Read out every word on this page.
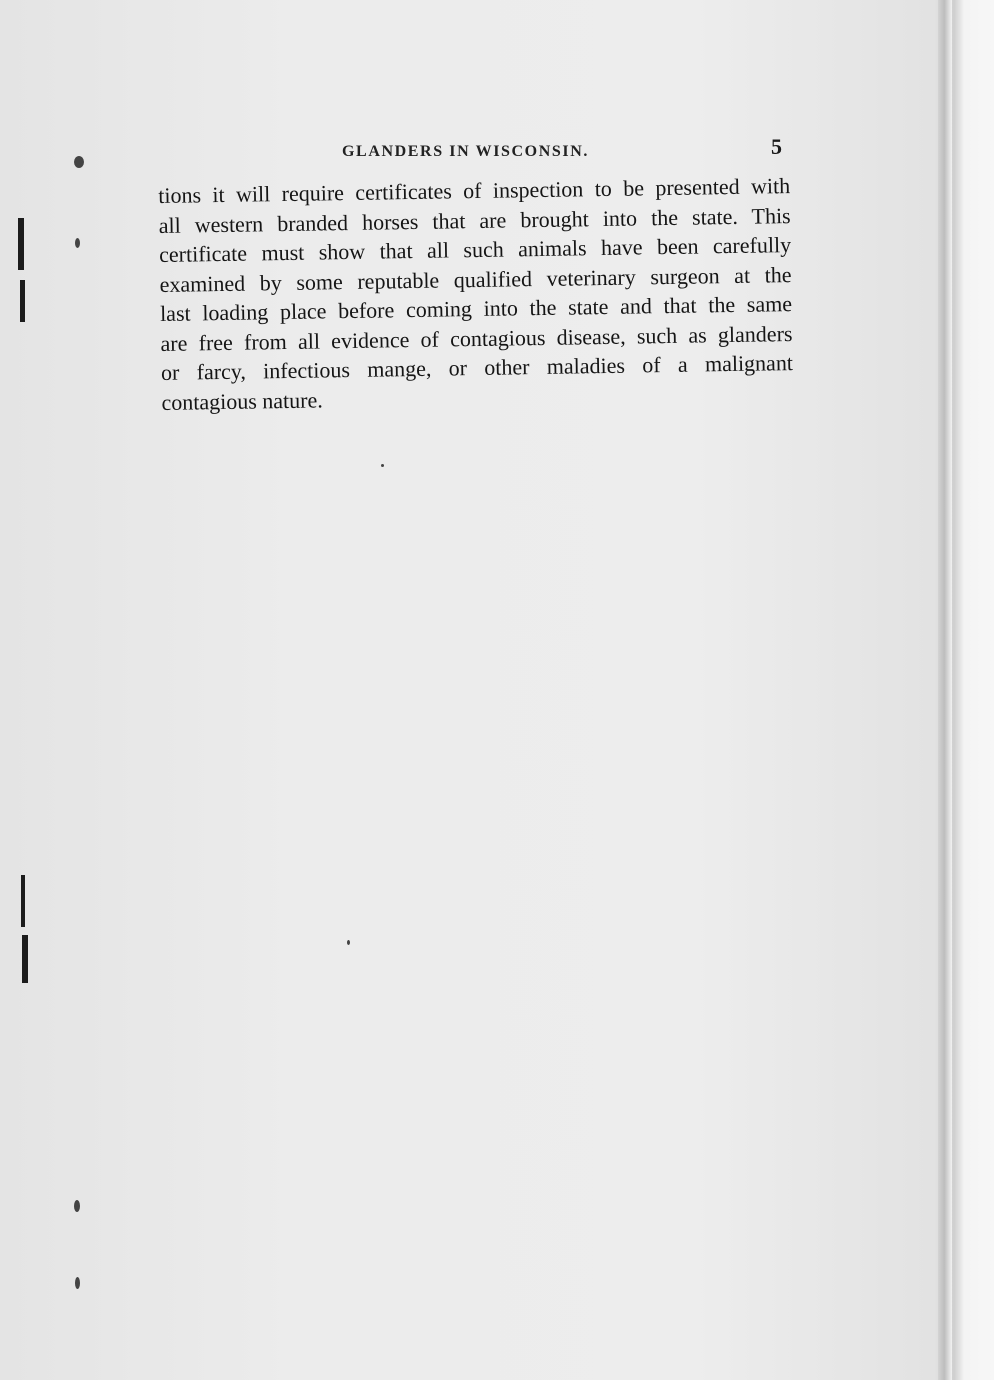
GLANDERS IN WISCONSIN.	5
tions it will require certificates of inspection to be presented with
all western branded horses that are brought into the state. This
certificate must show that all such animals have been carefully
examined by some reputable qualified veterinary surgeon at the
last loading place before coming into the state and that the same
are free from all evidence of contagious disease, such as glanders
or farcy, infectious mange, or other maladies of a malignant
contagious nature.
